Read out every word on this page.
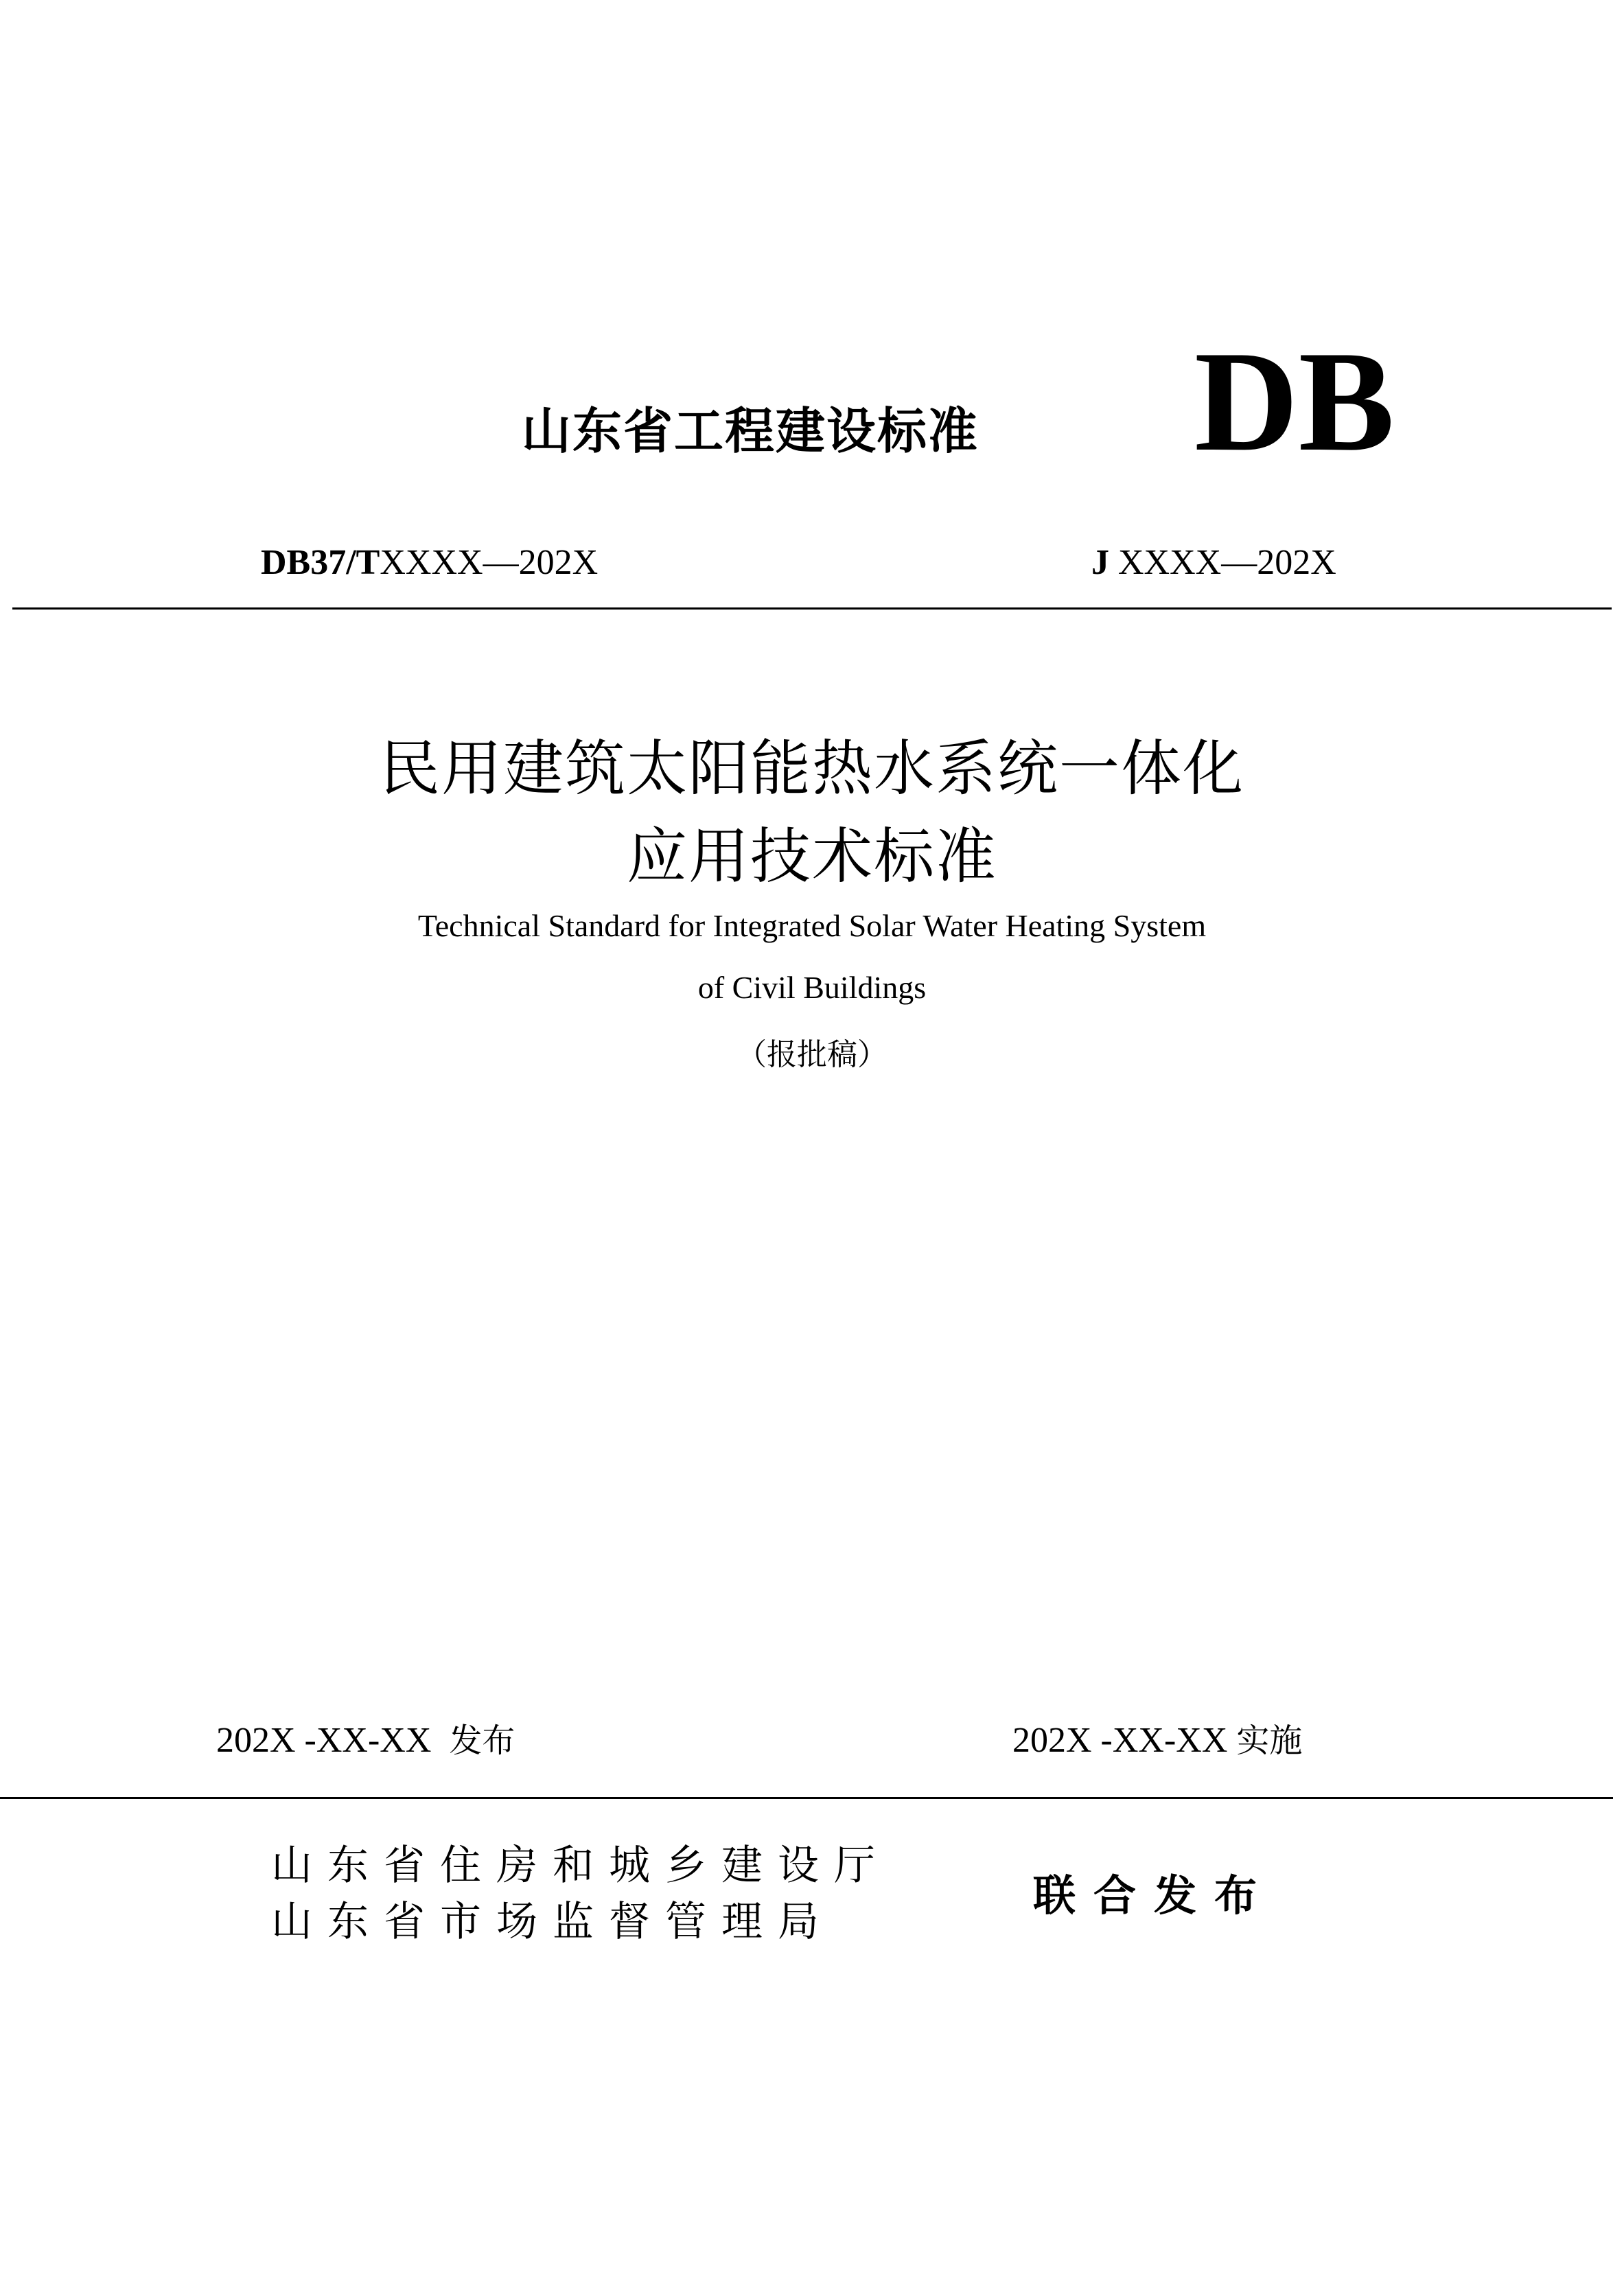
山东省工程建设标准 DB
DB37/TXXXX—202X	J XXXX—202X
民用建筑太阳能热水系统一体化
应用技术标准
Technical Standard for Integrated Solar Water Heating System
of Civil Buildings
（报批稿）
202X -XX-XX 发布	202X -XX-XX 实施
山东省住房和城乡建设厅
山东省市场监督管理局
联合发布
